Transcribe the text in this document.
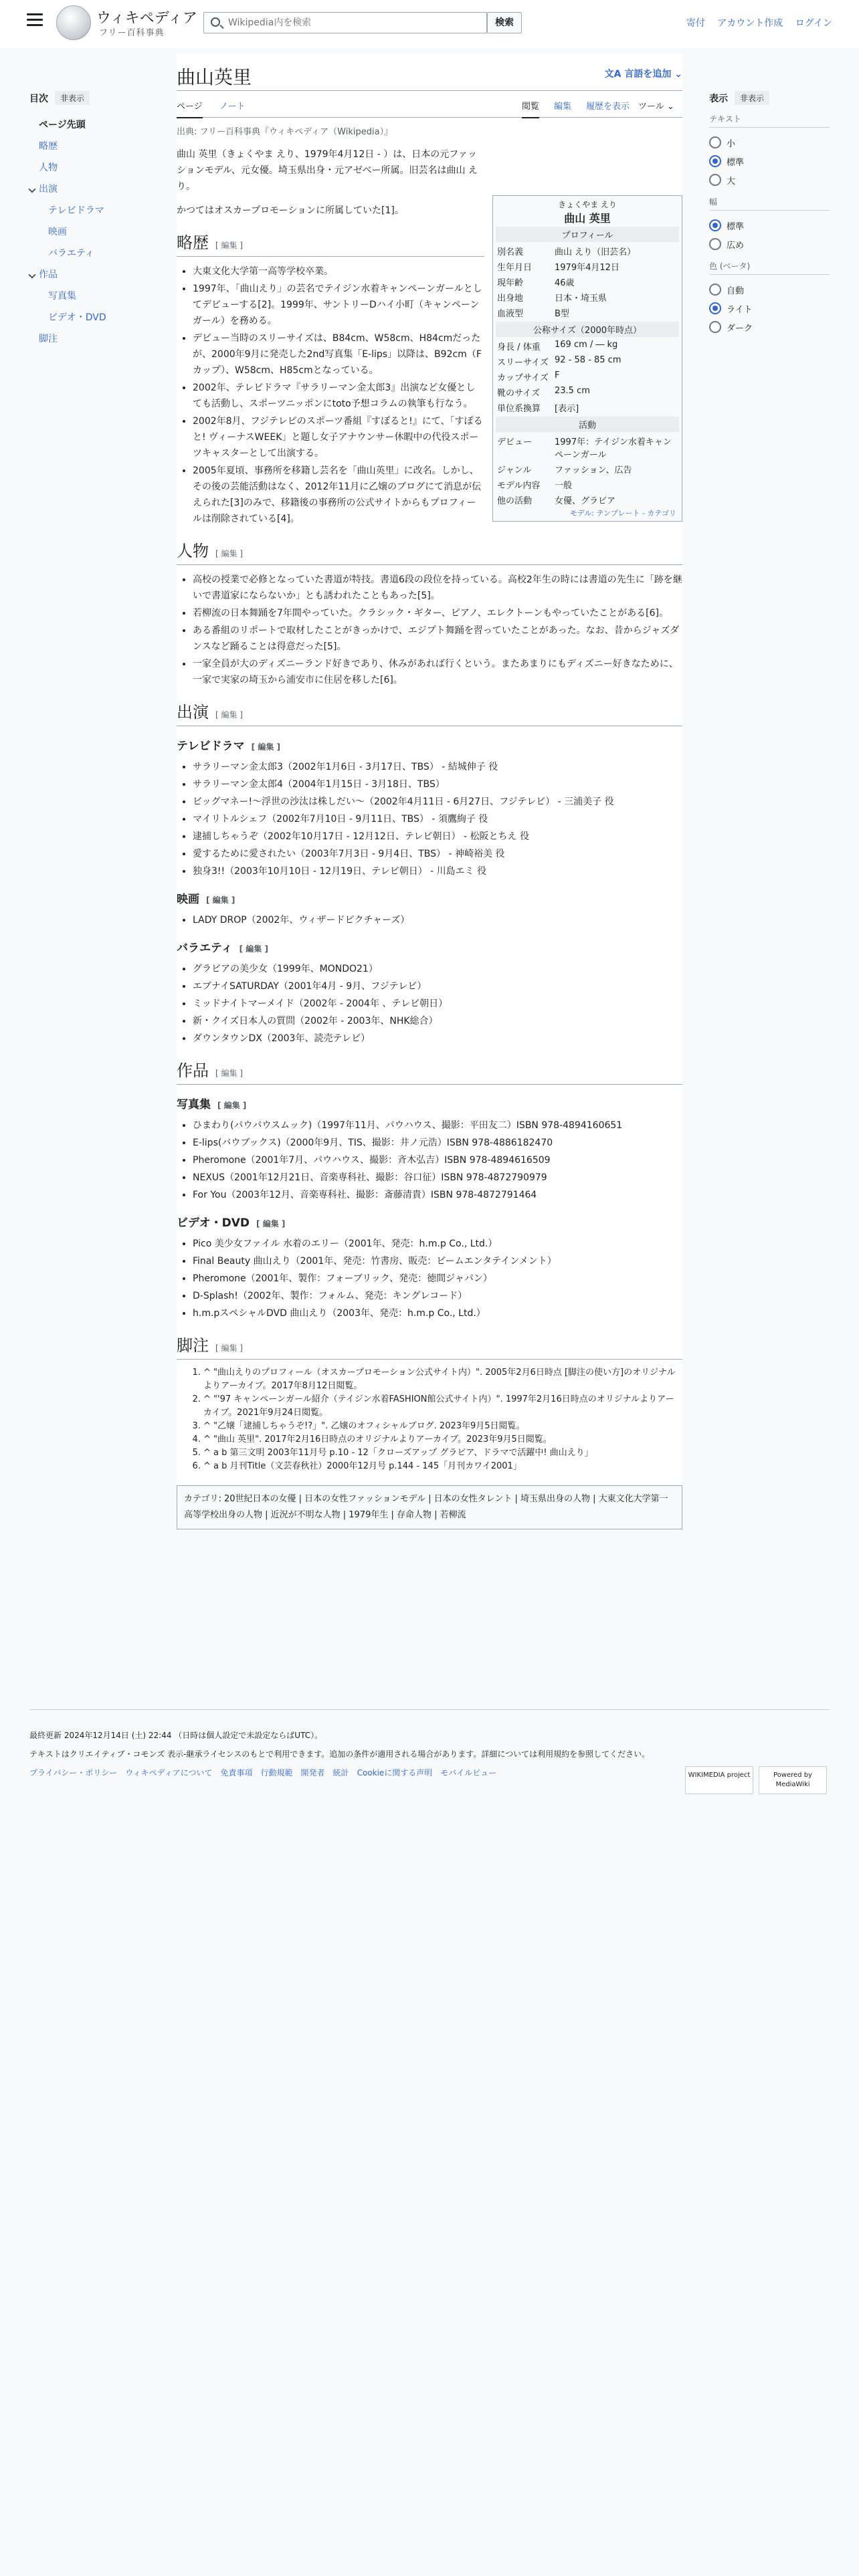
ウィキペディア
フリー百科事典
Wikipedia内を検索
検索	寄付 アカウント作成 ログイン
目次	非表示
ページ先頭
略歴
人物
出演
テレビドラマ
映画
バラエティ
作品
写真集
ビデオ・DVD
脚注
曲山英里	文A 言語を追加 ⌄
ページ ノート	閲覧 編集 履歴を表示 ツール ⌄
出典: フリー百科事典『ウィキペディア（Wikipedia）』

曲山 英里（きょくやま えり、1979年4月12日 - ）は、日本の元ファッションモデル、元女優。埼玉県出身・元アゼベー所属。旧芸名は曲山 えり。

かつてはオスカープロモーションに所属していた[1]。

略歴 [ 編集 ]
• 大東文化大学第一高等学校卒業。
• 1997年、「曲山えり」の芸名でテイジン水着キャンペーンガールとしてデビューする[2]。1999年、サントリーDハイ小町（キャンペーンガール）を務める。
• デビュー当時のスリーサイズは、B84cm、W58cm、H84cmだったが、2000年9月に発売した2nd写真集「E-lips」以降は、B92cm（Fカップ）、W58cm、H85cmとなっている。
• 2002年、テレビドラマ『サラリーマン金太郎3』出演など女優としても活動し、スポーツニッポンにtoto予想コラムの執筆も行なう。
• 2002年8月、フジテレビのスポーツ番組『すぽると!』にて、「すぽると! ヴィーナスWEEK」と題し女子アナウンサー休暇中の代役スポーツキャスターとして出演する。
• 2005年夏頃、事務所を移籍し芸名を「曲山英里」に改名。しかし、その後の芸能活動はなく、2012年11月に乙嬢のブログにて消息が伝えられた[3]のみで、移籍後の事務所の公式サイトからもプロフィールは削除されている[4]。
人物 [ 編集 ]
• 高校の授業で必修となっていた書道が特技。書道6段の段位を持っている。高校2年生の時には書道の先生に「跡を継いで書道家にならないか」とも誘われたこともあった[5]。
• 若柳流の日本舞踊を7年間やっていた。クラシック・ギター、ピアノ、エレクトーンもやっていたことがある[6]。
• ある番組のリポートで取材したことがきっかけで、エジプト舞踊を習っていたことがあった。なお、昔からジャズダンスなど踊ることは得意だった[5]。
• 一家全員が大のディズニーランド好きであり、休みがあれば行くという。またあまりにもディズニー好きなために、一家で実家の埼玉から浦安市に住居を移した[6]。
出演 [ 編集 ]
テレビドラマ [ 編集 ]
• サラリーマン金太郎3（2002年1月6日 - 3月17日、TBS） - 結城伸子 役
• サラリーマン金太郎4（2004年1月15日 - 3月18日、TBS）
• ビッグマネー!〜浮世の沙汰は株しだい〜（2002年4月11日 - 6月27日、フジテレビ） - 三浦美子 役
• マイリトルシェフ（2002年7月10日 - 9月11日、TBS） - 須鷹絢子 役
• 逮捕しちゃうぞ（2002年10月17日 - 12月12日、テレビ朝日） - 松阪とちえ 役
• 愛するために愛されたい（2003年7月3日 - 9月4日、TBS） - 神崎裕美 役
• 独身3!!（2003年10月10日 - 12月19日、テレビ朝日） - 川島エミ 役
映画 [ 編集 ]
• LADY DROP（2002年、ウィザードピクチャーズ）
バラエティ [ 編集 ]
• グラビアの美少女（1999年、MONDO21）
• エブナイSATURDAY（2001年4月 - 9月、フジテレビ）
• ミッドナイトマーメイド（2002年 - 2004年 、テレビ朝日）
• 新・クイズ日本人の質問（2002年 - 2003年、NHK総合）
• ダウンタウンDX（2003年、読売テレビ）
作品 [ 編集 ]
写真集 [ 編集 ]
• ひまわり(パウパウスムック)（1997年11月、パウハウス、撮影：平田友二）ISBN 978-4894160651
• E-lips(バウブックス)（2000年9月、TIS、撮影：井ノ元浩）ISBN 978-4886182470
• Pheromone（2001年7月、パウハウス、撮影：斉木弘吉）ISBN 978-4894616509
• NEXUS（2001年12月21日、音楽専科社、撮影：谷口征）ISBN 978-4872790979
• For You（2003年12月、音楽専科社、撮影：斎藤清貴）ISBN 978-4872791464
ビデオ・DVD [ 編集 ]
• Pico 美少女ファイル 水着のエリー（2001年、発売：h.m.p Co., Ltd.）
• Final Beauty 曲山えり（2001年、発売：竹書房、販売：ビームエンタテインメント）
• Pheromone（2001年、製作：フォーブリック、発売：徳間ジャパン）
• D-Splash!（2002年、製作：フォルム、発売：キングレコード）
• h.m.pスペシャルDVD 曲山えり（2003年、発売：h.m.p Co., Ltd.）
脚注 [ 編集 ]
1. ^ "曲山えりのプロフィール（オスカープロモーション公式サイト内）". 2005年2月6日時点 [脚注の使い方]のオリジナルよりアーカイブ。2017年8月12日閲覧。
2. ^ "'97 キャンペーンガール紹介（テイジン水着FASHION館公式サイト内）". 1997年2月16日時点のオリジナルよりアーカイブ。2021年9月24日閲覧。
3. ^ "乙嬢「逮捕しちゃうぞ!?」". 乙嬢のオフィシャルブログ. 2023年9月5日閲覧。
4. ^ "曲山 英里". 2017年2月16日時点のオリジナルよりアーカイブ。2023年9月5日閲覧。
5. ^ a b 第三文明 2003年11月号 p.10 - 12「クローズアップ グラビア、ドラマで活躍中! 曲山えり」
6. ^ a b 月刊Title（文芸春秋社）2000年12月号 p.144 - 145「月刊カワイ2001」
カテゴリ: 20世紀日本の女優 | 日本の女性ファッションモデル | 日本の女性タレント | 埼玉県出身の人物 | 大東文化大学第一高等学校出身の人物 | 近況が不明な人物 | 1979年生 | 存命人物 | 若柳流
きょくやま えり
曲山 英里
プロフィール
別名義	曲山 えり（旧芸名）
生年月日	1979年4月12日
現年齢	46歳
出身地	日本・埼玉県
血液型	B型
公称サイズ（2000年時点）
身長 / 体重	169 cm / ― kg
スリーサイズ 92 - 58 - 85 cm
カップサイズ F
靴のサイズ	23.5 cm
単位系換算	[表示]
活動
デビュー	1997年：テイジン水着キャンペーンガール
ジャンル	ファッション、広告
モデル内容	一般
他の活動	女優、グラビア
モデル: テンプレート - カテゴリ
表示	非表示
テキスト
小
標準
大
幅
標準
広め
色 (ベータ)
自動
ライト
ダーク
最終更新 2024年12月14日 (土) 22:44 （日時は個人設定で未設定ならばUTC）。
テキストはクリエイティブ・コモンズ 表示-継承ライセンスのもとで利用できます。追加の条件が適用される場合があります。詳細については利用規約を参照してください。
プライバシー・ポリシー ウィキペディアについて 免責事項 行動規範 開発者 統計 Cookieに関する声明 モバイルビュー	WIKIMEDIA project	Powered by MediaWiki
